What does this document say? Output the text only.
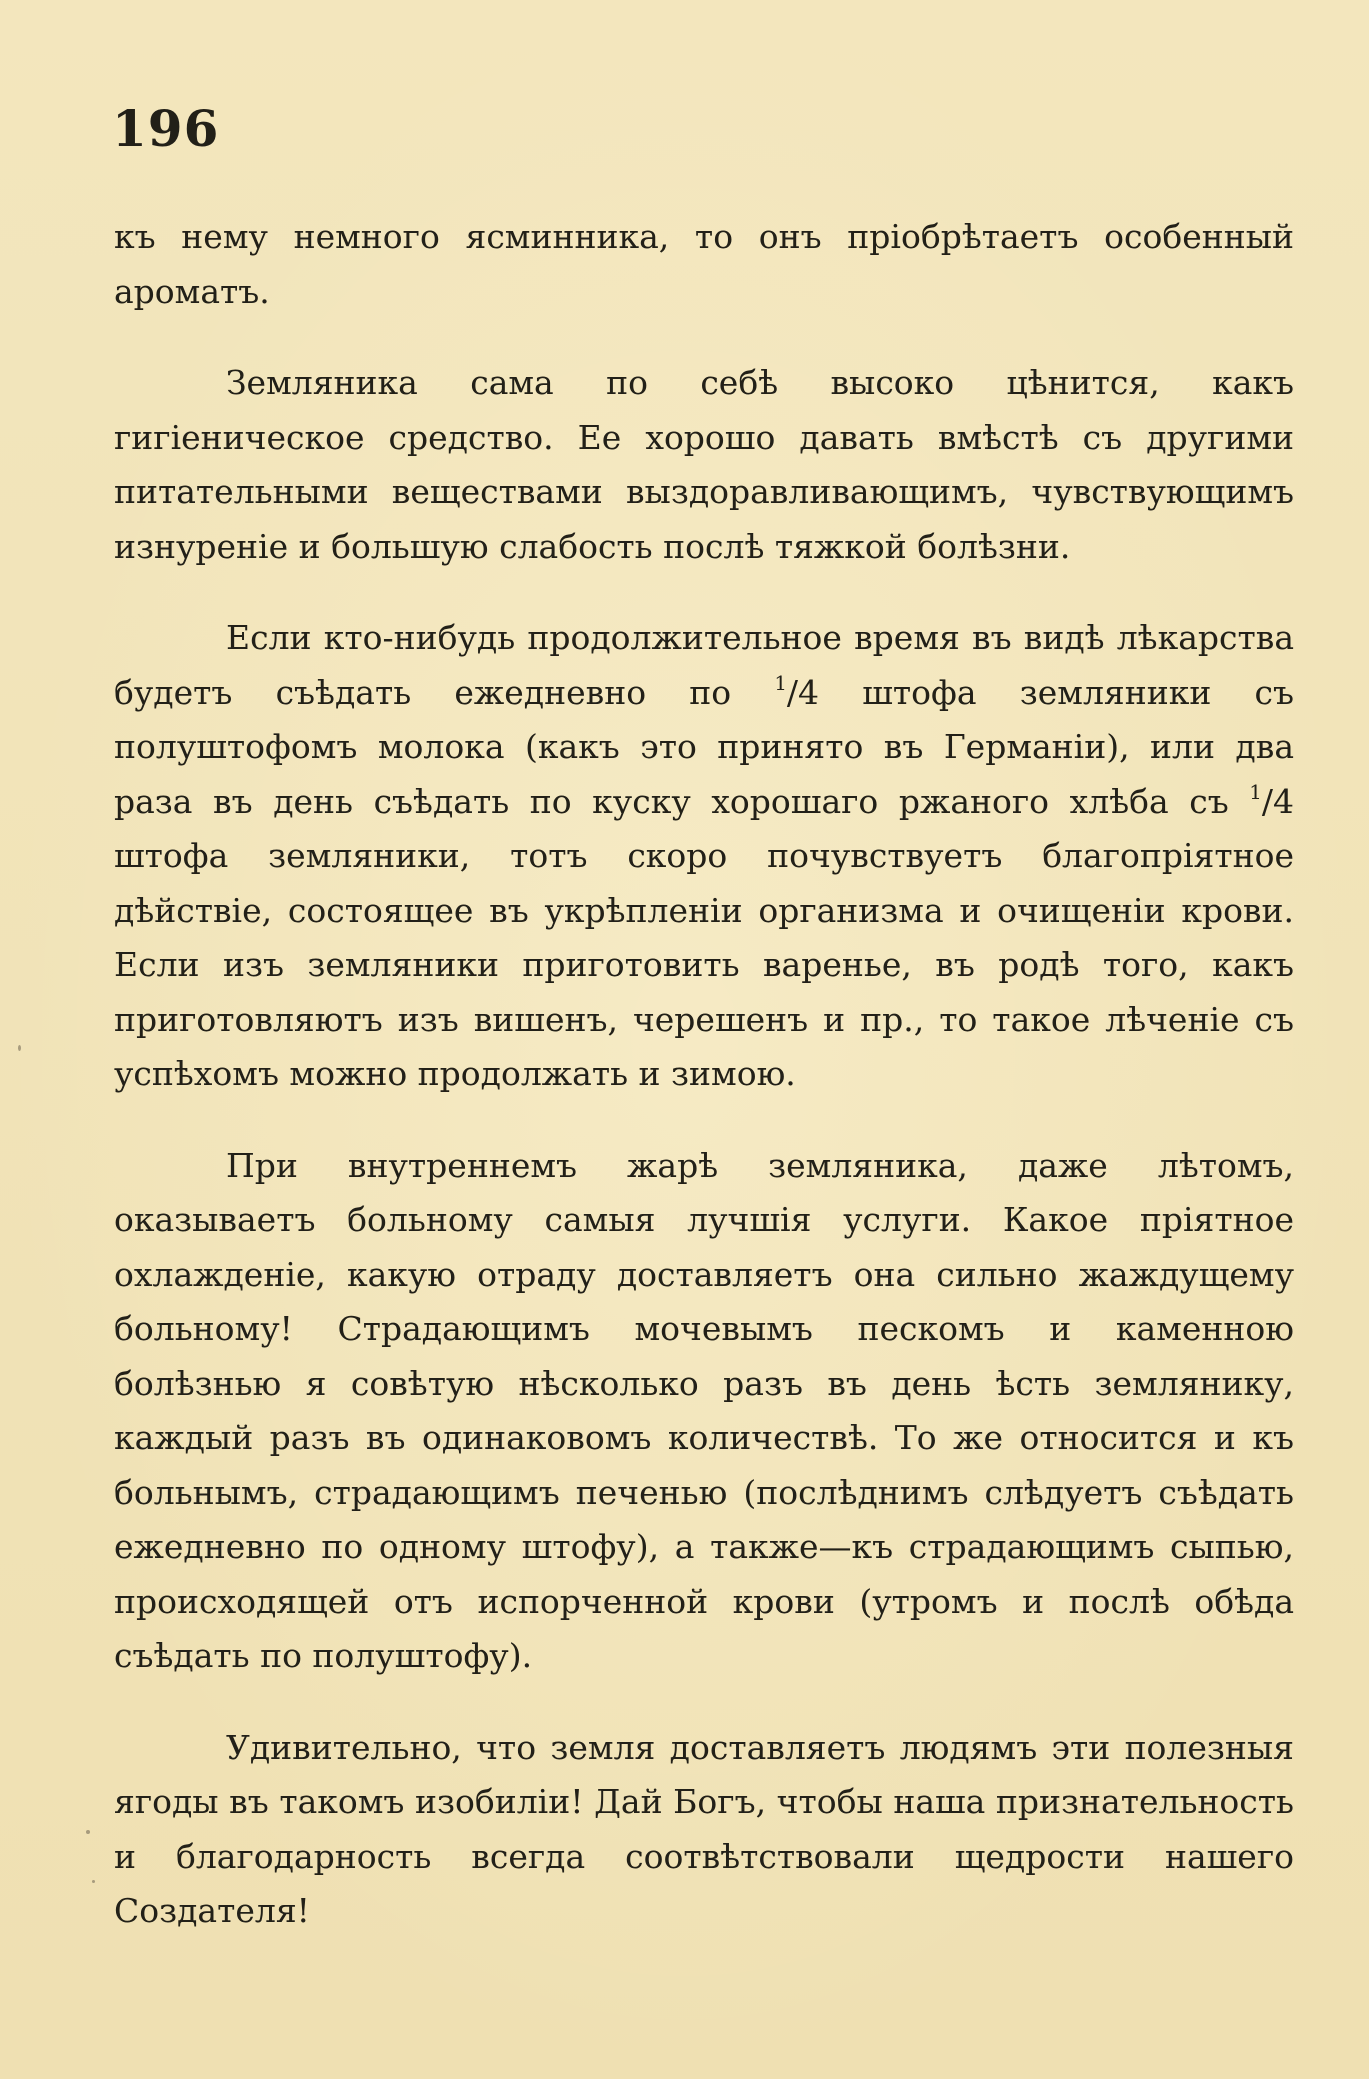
196

къ нему немного ясминника, то онъ пріобрѣтаетъ особенный ароматъ.

Земляника сама по себѣ высоко цѣнится, какъ гигіеническое средство. Ее хорошо давать вмѣстѣ съ другими питательными веществами выздоравливающимъ, чувствующимъ изнуреніе и большую слабость послѣ тяжкой болѣзни.

Если кто-нибудь продолжительное время въ видѣ лѣкарства будетъ съѣдать ежедневно по $^1$/4 штофа земляники съ полуштофомъ молока (какъ это принято въ Германіи), или два раза въ день съѣдать по куску хорошаго ржаного хлѣба съ $^1$/4 штофа земляники, тотъ скоро почувствуетъ благопріятное дѣйствіе, состоящее въ укрѣпленіи организма и очищеніи крови. Если изъ земляники приготовить варенье, въ родѣ того, какъ приготовляютъ изъ вишенъ, черешенъ и пр., то такое лѣченіе съ успѣхомъ можно продолжать и зимою.

При внутреннемъ жарѣ земляника, даже лѣтомъ, оказываетъ больному самыя лучшія услуги. Какое пріятное охлажденіе, какую отраду доставляетъ она сильно жаждущему больному! Страдающимъ мочевымъ пескомъ и каменною болѣзнью я совѣтую нѣсколько разъ въ день ѣсть землянику, каждый разъ въ одинаковомъ количествѣ. То же относится и къ больнымъ, страдающимъ печенью (послѣднимъ слѣдуетъ съѣдать ежедневно по одному штофу), а также—къ страдающимъ сыпью, происходящей отъ испорченной крови (утромъ и послѣ обѣда съѣдать по полуштофу).

Удивительно, что земля доставляетъ людямъ эти полезныя ягоды въ такомъ изобиліи! Дай Богъ, чтобы наша признательность и благодарность всегда соотвѣтствовали щедрости нашего Создателя!
